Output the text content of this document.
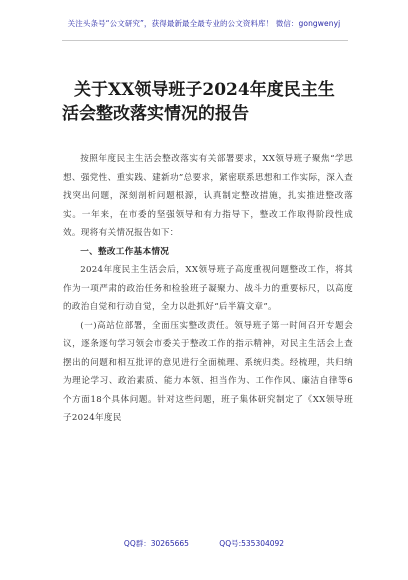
关注头条号“公文研究”，获得最新最全最专业的公文资料库！ 微信：gongwenyj
关于XX领导班子2024年度民主生
活会整改落实情况的报告

按照年度民主生活会整改落实有关部署要求，XX领导班子聚焦“学思想、强党性、重实践、建新功”总要求，紧密联系思想和工作实际，深入查找突出问题，深刻剖析问题根源，认真制定整改措施，扎实推进整改落实。一年来，在市委的坚强领导和有力指导下，整改工作取得阶段性成效。现将有关情况报告如下：

一、整改工作基本情况

2024年度民主生活会后，XX领导班子高度重视问题整改工作，将其作为一项严肃的政治任务和检验班子凝聚力、战斗力的重要标尺，以高度的政治自觉和行动自觉，全力以赴抓好“后半篇文章”。

(一)高站位部署，全面压实整改责任。领导班子第一时间召开专题会议，逐条逐句学习领会市委关于整改工作的指示精神，对民主生活会上查摆出的问题和相互批评的意见进行全面梳理、系统归类。经梳理，共归纳为理论学习、政治素质、能力本领、担当作为、工作作风、廉洁自律等6个方面18个具体问题。针对这些问题，班子集体研究制定了《XX领导班子2024年度民

QQ群：30265665	QQ号:535304092
